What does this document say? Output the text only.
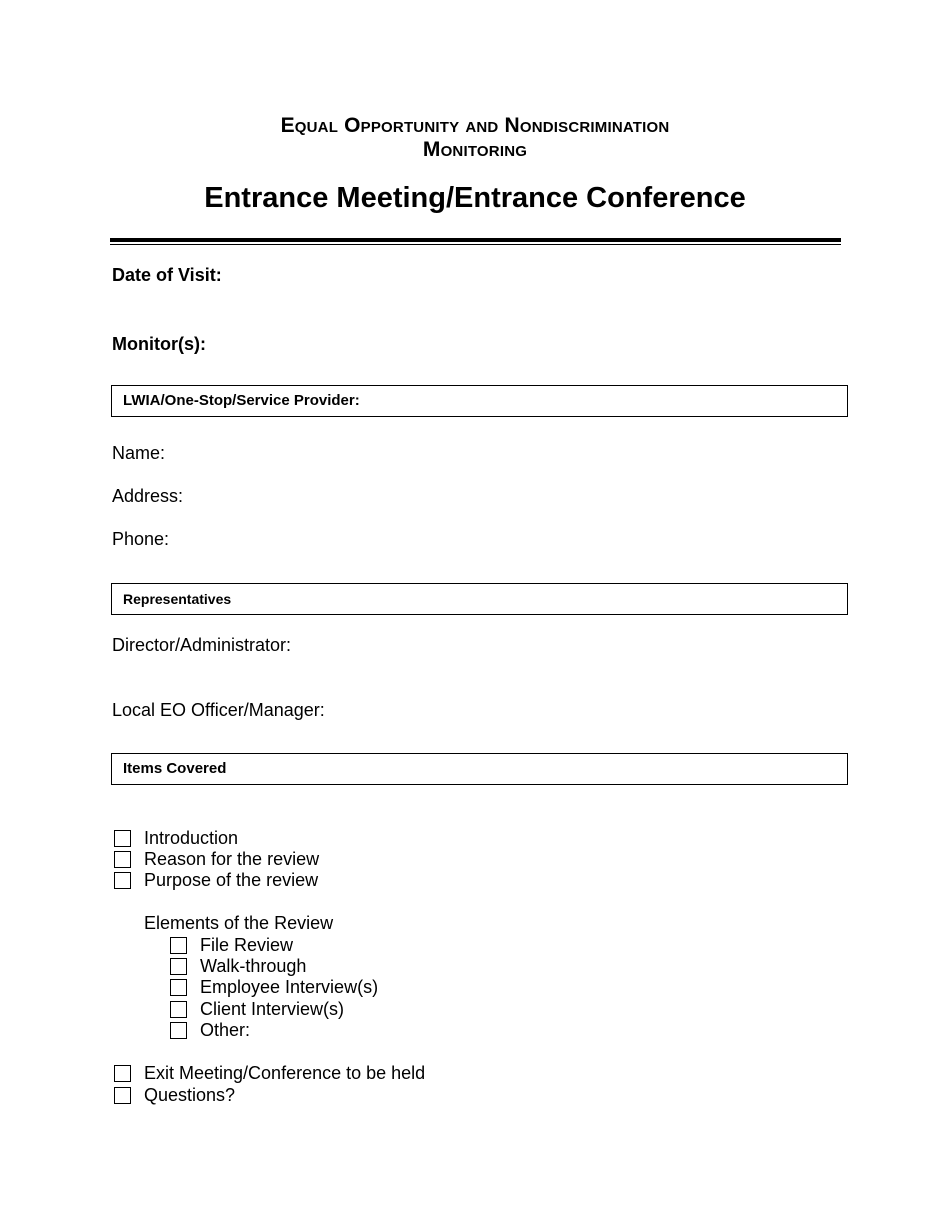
Equal Opportunity and Nondiscrimination
Monitoring
Entrance Meeting/Entrance Conference
Date of Visit:
Monitor(s):
LWIA/One-Stop/Service Provider:
Name:
Address:
Phone:
Representatives
Director/Administrator:
Local EO Officer/Manager:
Items Covered
Introduction
Reason for the review
Purpose of the review
Elements of the Review
File Review
Walk-through
Employee Interview(s)
Client Interview(s)
Other:
Exit Meeting/Conference to be held
Questions?
